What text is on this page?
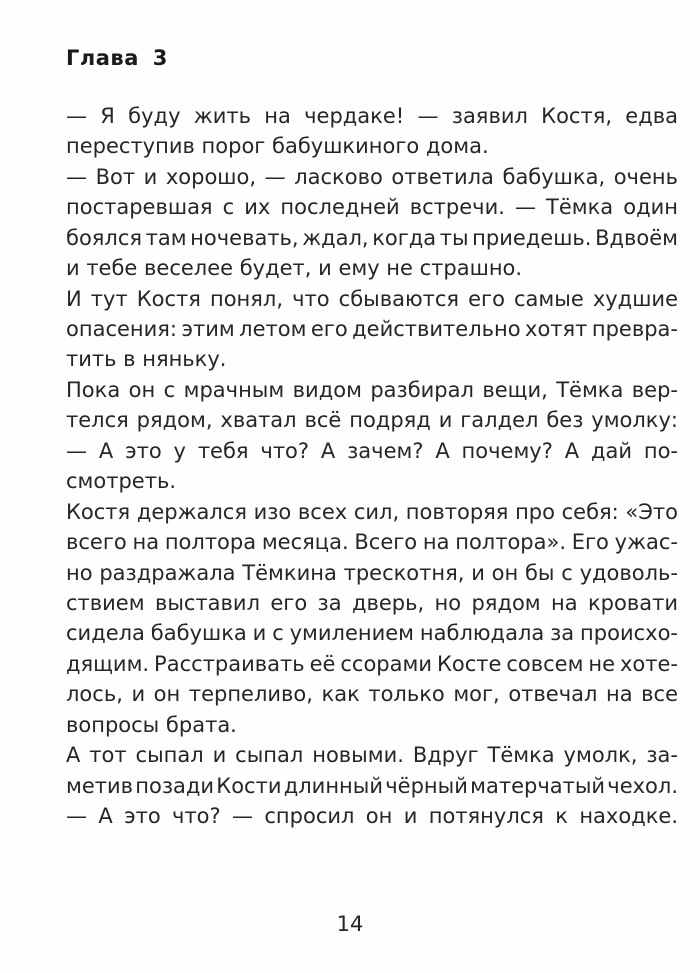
Глава 3
— Я буду жить на чердаке! — заявил Костя, едва
переступив порог бабушкиного дома.
— Вот и хорошо, — ласково ответила бабушка, очень
постаревшая с их последней встречи. — Тёмка один
боялся там ночевать, ждал, когда ты приедешь. Вдвоём
и тебе веселее будет, и ему не страшно.
И тут Костя понял, что сбываются его самые худшие
опасения: этим летом его действительно хотят превра-
тить в няньку.
Пока он с мрачным видом разбирал вещи, Тёмка вер-
телся рядом, хватал всё подряд и галдел без умолку:
— А это у тебя что? А зачем? А почему? А дай по-
смотреть.
Костя держался изо всех сил, повторяя про себя: «Это
всего на полтора месяца. Всего на полтора». Его ужас-
но раздражала Тёмкина трескотня, и он бы с удоволь-
ствием выставил его за дверь, но рядом на кровати
сидела бабушка и с умилением наблюдала за происхо-
дящим. Расстраивать её ссорами Косте совсем не хоте-
лось, и он терпеливо, как только мог, отвечал на все
вопросы брата.
А тот сыпал и сыпал новыми. Вдруг Тёмка умолк, за-
метив позади Кости длинный чёрный матерчатый чехол.
— А это что? — спросил он и потянулся к находке.
14
